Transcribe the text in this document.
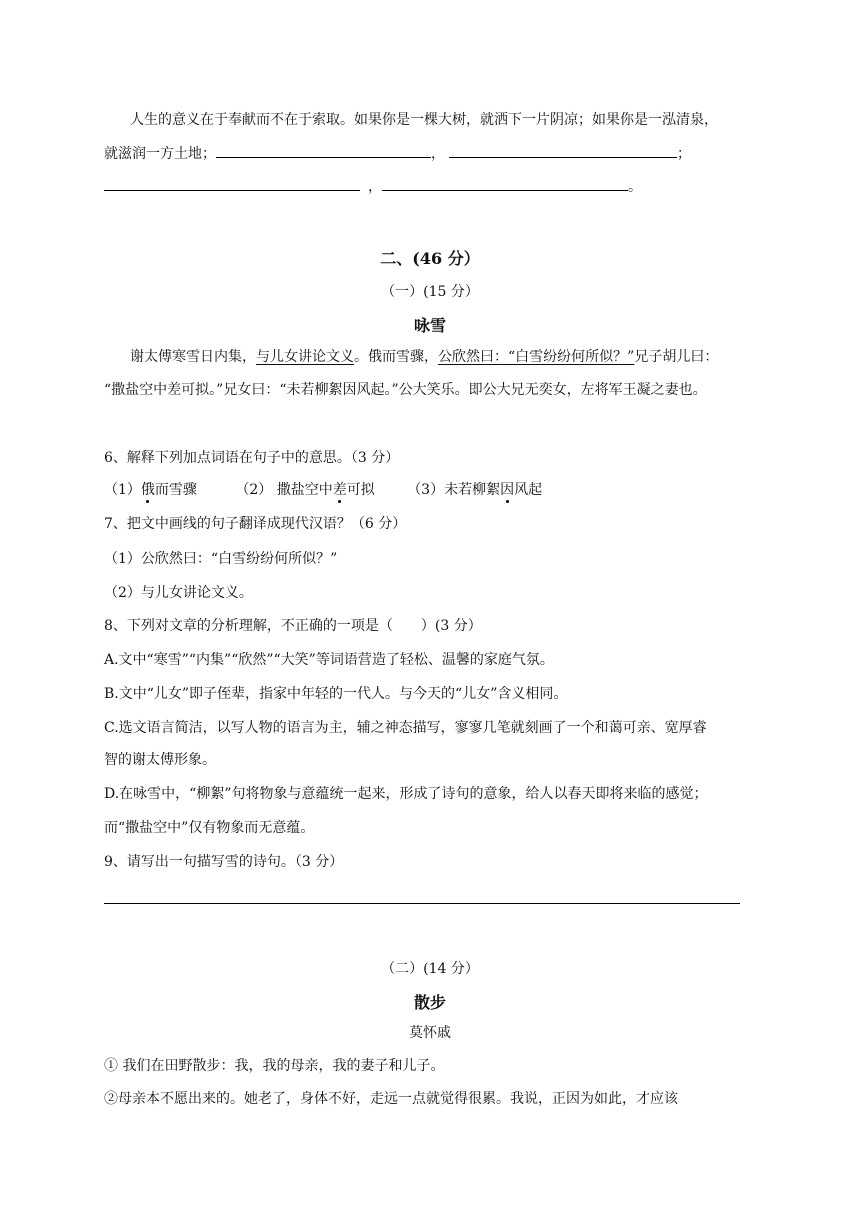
人生的意义在于奉献而不在于索取。如果你是一棵大树，就洒下一片阴凉；如果你是一泓清泉，
就滋润一方土地；	，	；
，	。
二、(46 分）
（一）(15 分）
咏雪
谢太傅寒雪日内集，与儿女讲论文义。俄而雪骤，公欣然曰：“白雪纷纷何所似？”兄子胡儿曰：
“撒盐空中差可拟。”兄女曰：“未若柳絮因风起。”公大笑乐。即公大兄无奕女，左将军王凝之妻也。
6、解释下列加点词语在句子中的意思。（3 分）
（1）俄而雪骤	（2） 撒盐空中差可拟 （3）未若柳絮因风起
7、把文中画线的句子翻译成现代汉语？（6 分）
（1）公欣然曰：“白雪纷纷何所似？”
（2）与儿女讲论文义。
8、下列对文章的分析理解，不正确的一项是（　　）(3 分）
A.文中“寒雪”“内集”“欣然”“大笑”等词语营造了轻松、温馨的家庭气氛。
B.文中“儿女”即子侄辈，指家中年轻的一代人。与今天的“儿女”含义相同。
C.选文语言简洁，以写人物的语言为主，辅之神态描写，寥寥几笔就刻画了一个和蔼可亲、宽厚睿
智的谢太傅形象。
D.在咏雪中，“柳絮”句将物象与意蕴统一起来，形成了诗句的意象，给人以春天即将来临的感觉；
而“撒盐空中”仅有物象而无意蕴。
9、请写出一句描写雪的诗句。（3 分）
（二）(14 分）
散步
莫怀戚
① 我们在田野散步：我，我的母亲，我的妻子和儿子。
②母亲本不愿出来的。她老了，身体不好，走远一点就觉得很累。我说，正因为如此，才应该
